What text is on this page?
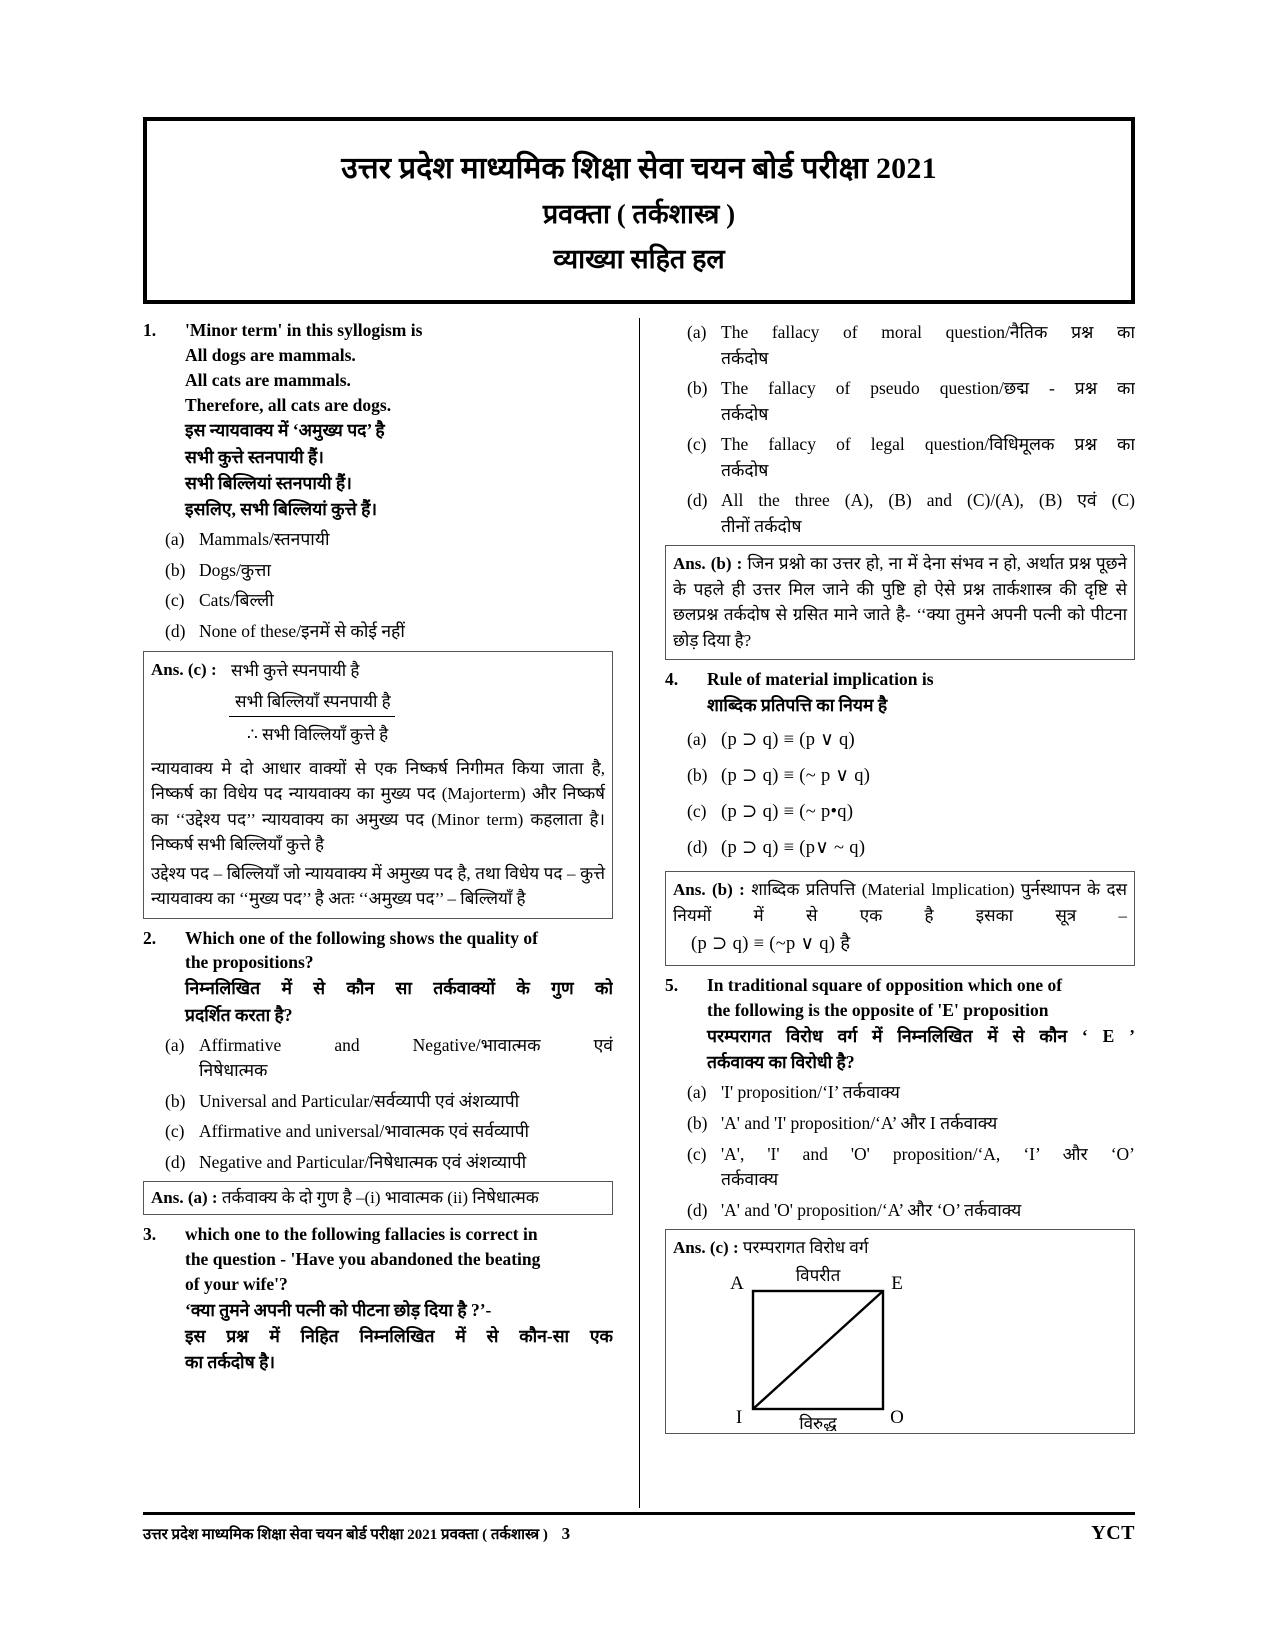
उत्तर प्रदेश माध्यमिक शिक्षा सेवा चयन बोर्ड परीक्षा 2021
प्रवक्ता ( तर्कशास्त्र )
व्याख्या सहित हल
1.	'Minor term' in this syllogism is
All dogs are mammals.
All cats are mammals.
Therefore, all cats are dogs.
इस न्यायवाक्य में ‘अमुख्य पद’ है
सभी कुत्ते स्तनपायी हैं।
सभी बिल्लियां स्तनपायी हैं।
इसलिए, सभी बिल्लियां कुत्ते हैं।
(a) Mammals/स्तनपायी
(b) Dogs/कुत्ता
(c) Cats/बिल्ली
(d) None of these/इनमें से कोई नहीं

Ans. (c) : सभी कुत्ते स्पनपायी है
सभी बिल्लियाँ स्पनपायी है
∴ सभी विल्लियाँ कुत्ते है

न्यायवाक्य मे दो आधार वाक्यों से एक निष्कर्ष निगीमत किया जाता है, निष्कर्ष का विधेय पद न्यायवाक्य का मुख्य पद (Majorterm) और निष्कर्ष का ‘‘उद्देश्य पद’’ न्यायवाक्य का अमुख्य पद (Minor term) कहलाता है। निष्कर्ष सभी बिल्लियाँ कुत्ते है

उद्देश्य पद – बिल्लियाँ जो न्यायवाक्य में अमुख्य पद है, तथा विधेय पद – कुत्ते न्यायवाक्य का ‘‘मुख्य पद’’ है अतः ‘‘अमुख्य पद’’ – बिल्लियाँ है

2.	Which one of the following shows the quality of
the propositions?
निम्नलिखित में से कौन सा तर्कवाक्यों के गुण को
प्रदर्शित करता है?
(a) Affirmative and Negative/भावात्मक एवं
निषेधात्मक
(b) Universal and Particular/सर्वव्यापी एवं अंशव्यापी
(c) Affirmative and universal/भावात्मक एवं सर्वव्यापी
(d) Negative and Particular/निषेधात्मक एवं अंशव्यापी

Ans. (a) : तर्कवाक्य के दो गुण है –(i) भावात्मक (ii) निषेधात्मक

3.	which one to the following fallacies is correct in
the question - 'Have you abandoned the beating
of your wife'?
‘क्या तुमने अपनी पत्नी को पीटना छोड़ दिया है ?’-
इस प्रश्न में निहित निम्नलिखित में से कौन-सा एक
का तर्कदोष है।
(a) The fallacy of moral question/नैतिक प्रश्न का
तर्कदोष
(b) The fallacy of pseudo question/छद्म - प्रश्न का
तर्कदोष
(c) The fallacy of legal question/विधिमूलक प्रश्न का
तर्कदोष
(d) All the three (A), (B) and (C)/(A), (B) एवं (C)
तीनों तर्कदोष

Ans. (b) : जिन प्रश्नो का उत्तर हो, ना में देना संभव न हो, अर्थात प्रश्न पूछने के पहले ही उत्तर मिल जाने की पुष्टि हो ऐसे प्रश्न तार्कशास्त्र की दृष्टि से छलप्रश्न तर्कदोष से ग्रसित माने जाते है- ‘‘क्या तुमने अपनी पत्नी को पीटना छोड़ दिया है?

4.	Rule of material implication is
शाब्दिक प्रतिपत्ति का नियम है
(a) (p ⊃ q) ≡ (p ∨ q)
(b) (p ⊃ q) ≡ (~ p ∨ q)
(c) (p ⊃ q) ≡ (~ p•q)
(d) (p ⊃ q) ≡ (p∨ ~ q)

Ans. (b) : शाब्दिक प्रतिपत्ति (Material lmplication) पुर्नस्थापन के दस नियमों में से एक है इसका सूत्र –

(p ⊃ q) ≡ (~p ∨ q) है

5.	In traditional square of opposition which one of
the following is the opposite of 'E' proposition
परम्परागत विरोध वर्ग में निम्नलिखित में से कौन ‘ E ’
तर्कवाक्य का विरोधी है?
(a) 'I' proposition/‘I’ तर्कवाक्य
(b) 'A' and 'I' proposition/‘A’ और I तर्कवाक्य
(c) 'A', 'I' and 'O' proposition/‘A, ‘I’ और ‘O’
तर्कवाक्य
(d) 'A' and 'O' proposition/‘A’ और ‘O’ तर्कवाक्य

Ans. (c) : परम्परागत विरोध वर्ग

A	E
I	O
विपरीत
विरुद्ध
उत्तर प्रदेश माध्यमिक शिक्षा सेवा चयन बोर्ड परीक्षा 2021 प्रवक्ता ( तर्कशास्त्र ) 3	YCT
